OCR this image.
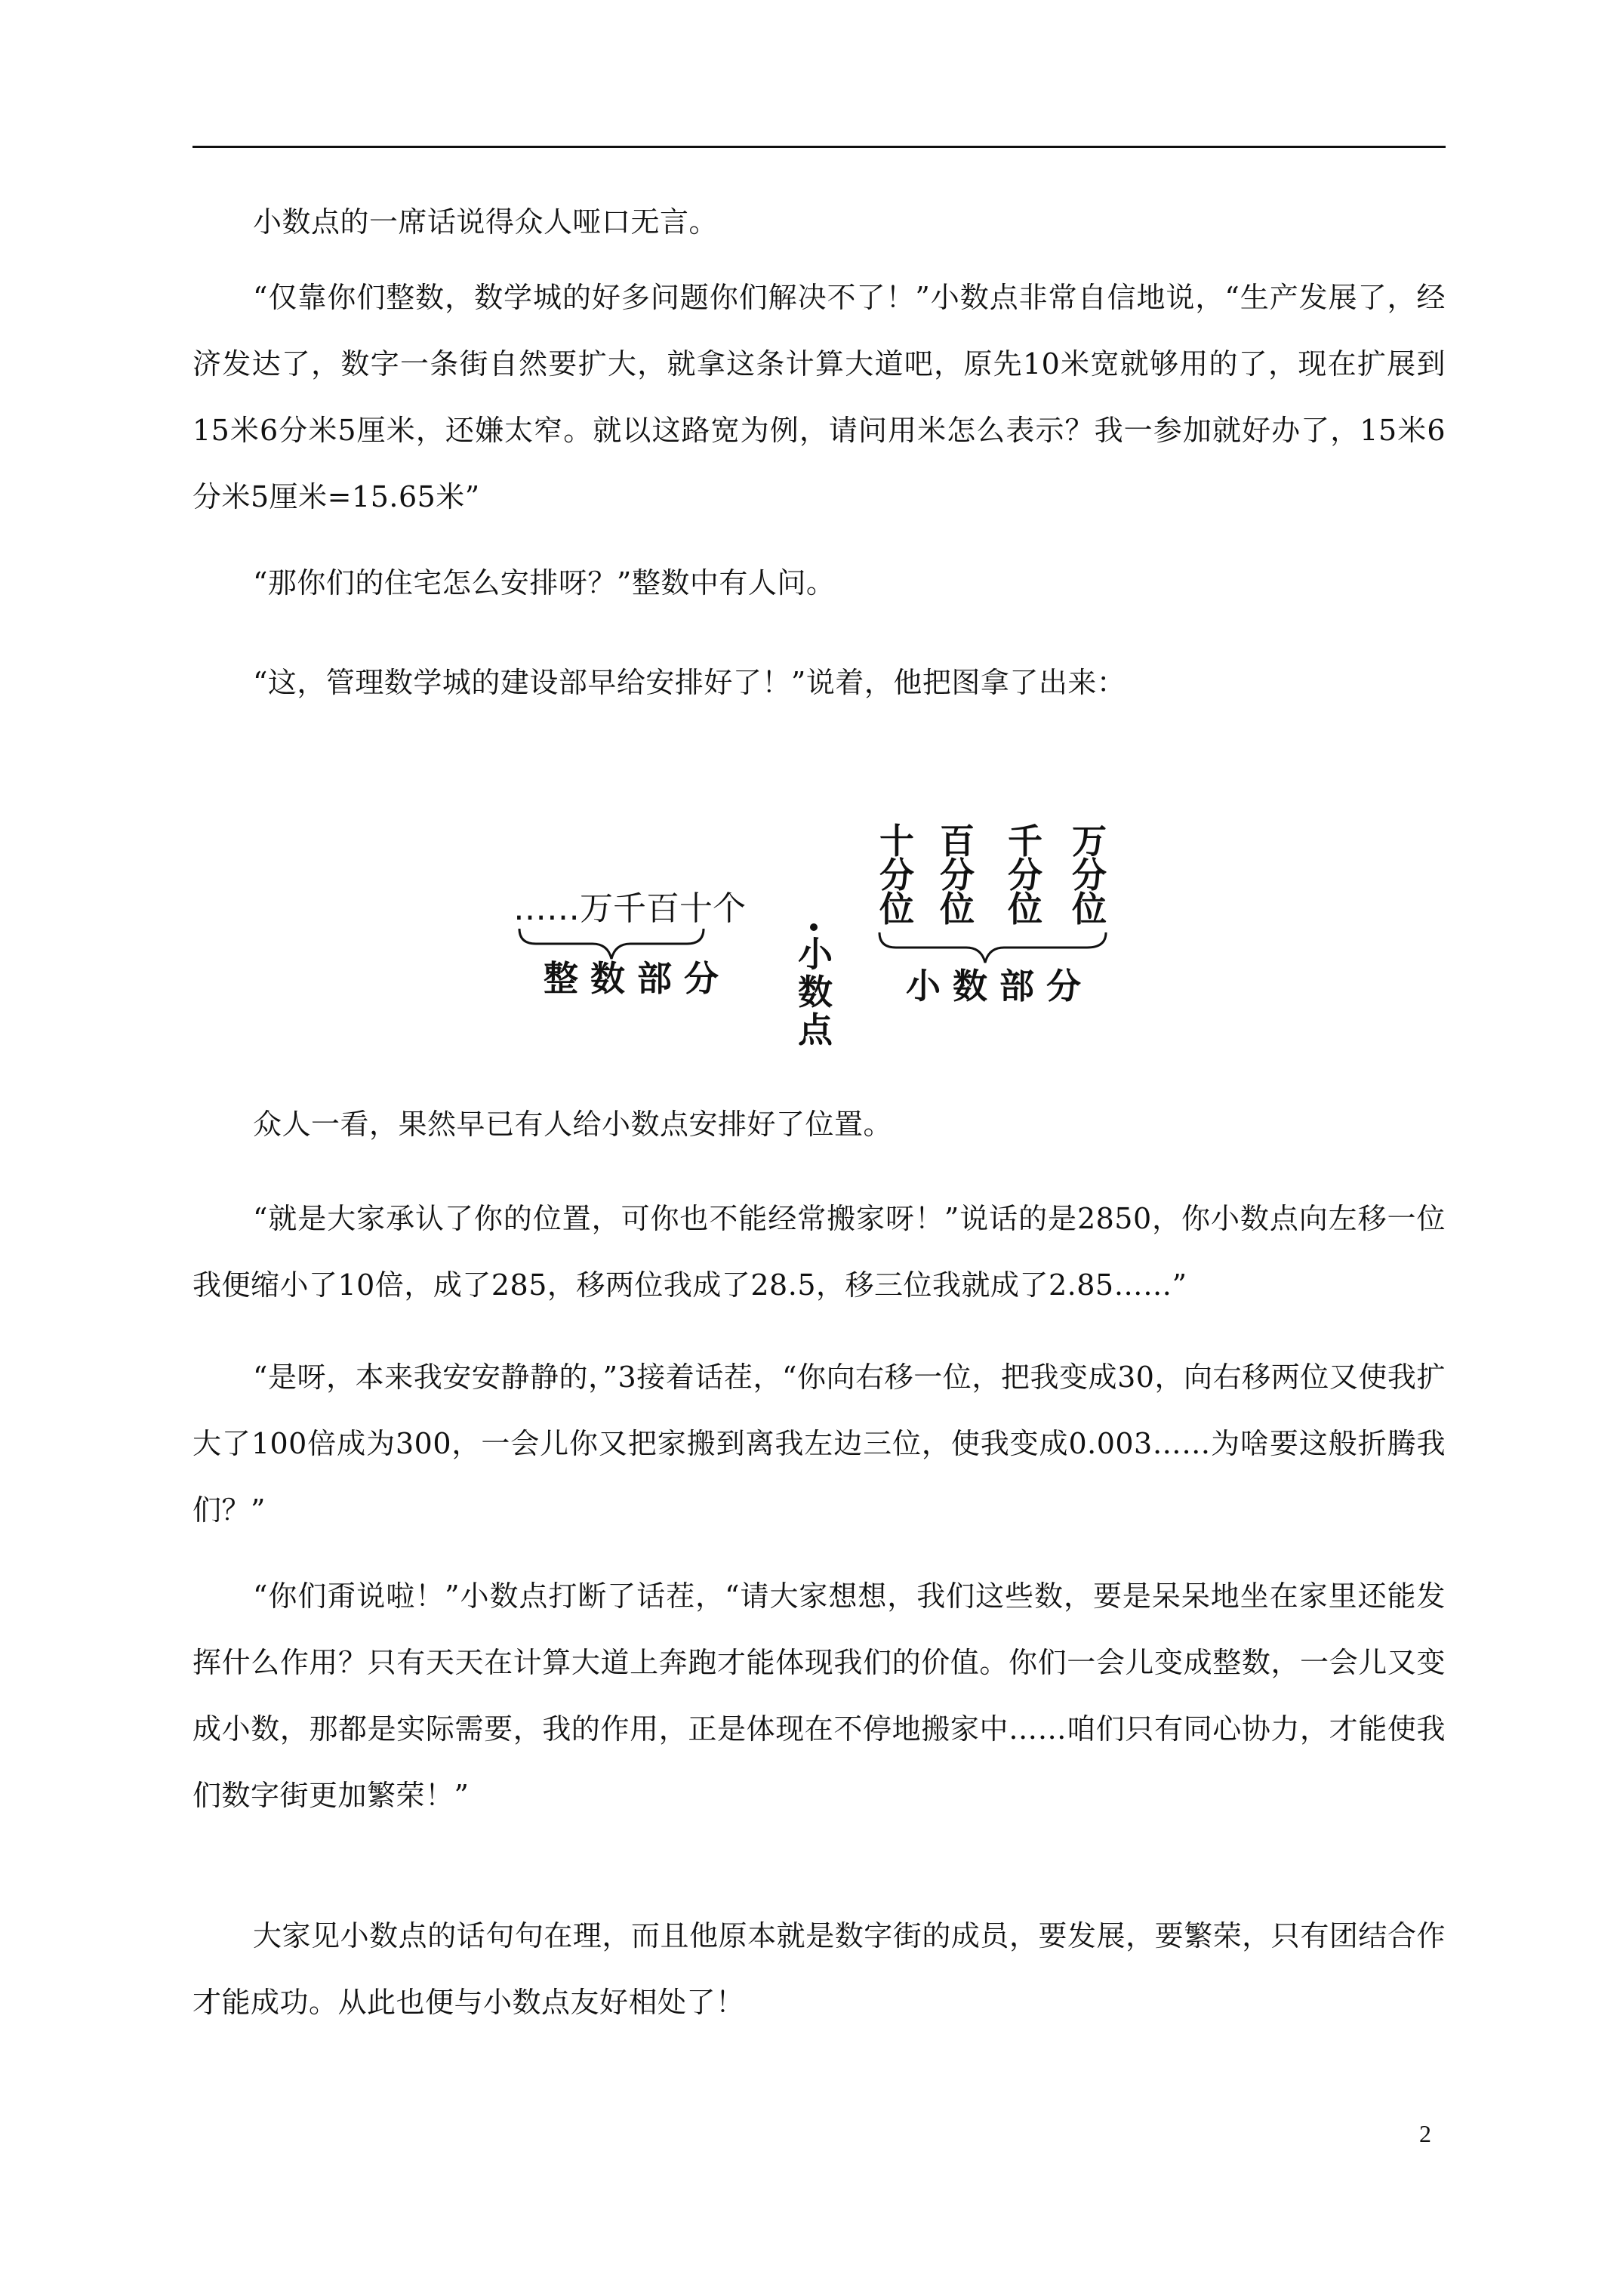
小数点的一席话说得众人哑口无言。

“仅靠你们整数，数学城的好多问题你们解决不了！”小数点非常自信地说，“生产发展了，经济发达了，数字一条街自然要扩大，就拿这条计算大道吧，原先10米宽就够用的了，现在扩展到15米6分米5厘米，还嫌太窄。就以这路宽为例，请问用米怎么表示？我一参加就好办了，15米6分米5厘米=15.65米”

“那你们的住宅怎么安排呀？”整数中有人问。

“这，管理数学城的建设部早给安排好了！”说着，他把图拿了出来：

……万千百十个
整 数 部 分
小
数
点
十
分
位
百
分
位
千
分
位
万
分
位
小 数 部 分

众人一看，果然早已有人给小数点安排好了位置。

“就是大家承认了你的位置，可你也不能经常搬家呀！”说话的是2850，你小数点向左移一位我便缩小了10倍，成了285，移两位我成了28.5，移三位我就成了2.85……”

“是呀，本来我安安静静的，”3接着话茬，“你向右移一位，把我变成30，向右移两位又使我扩大了100倍成为300，一会儿你又把家搬到离我左边三位，使我变成0.003……为啥要这般折腾我们？”

“你们甭说啦！”小数点打断了话茬，“请大家想想，我们这些数，要是呆呆地坐在家里还能发挥什么作用？只有天天在计算大道上奔跑才能体现我们的价值。你们一会儿变成整数，一会儿又变成小数，那都是实际需要，我的作用，正是体现在不停地搬家中……咱们只有同心协力，才能使我们数字街更加繁荣！”

大家见小数点的话句句在理，而且他原本就是数字街的成员，要发展，要繁荣，只有团结合作才能成功。从此也便与小数点友好相处了！

2
